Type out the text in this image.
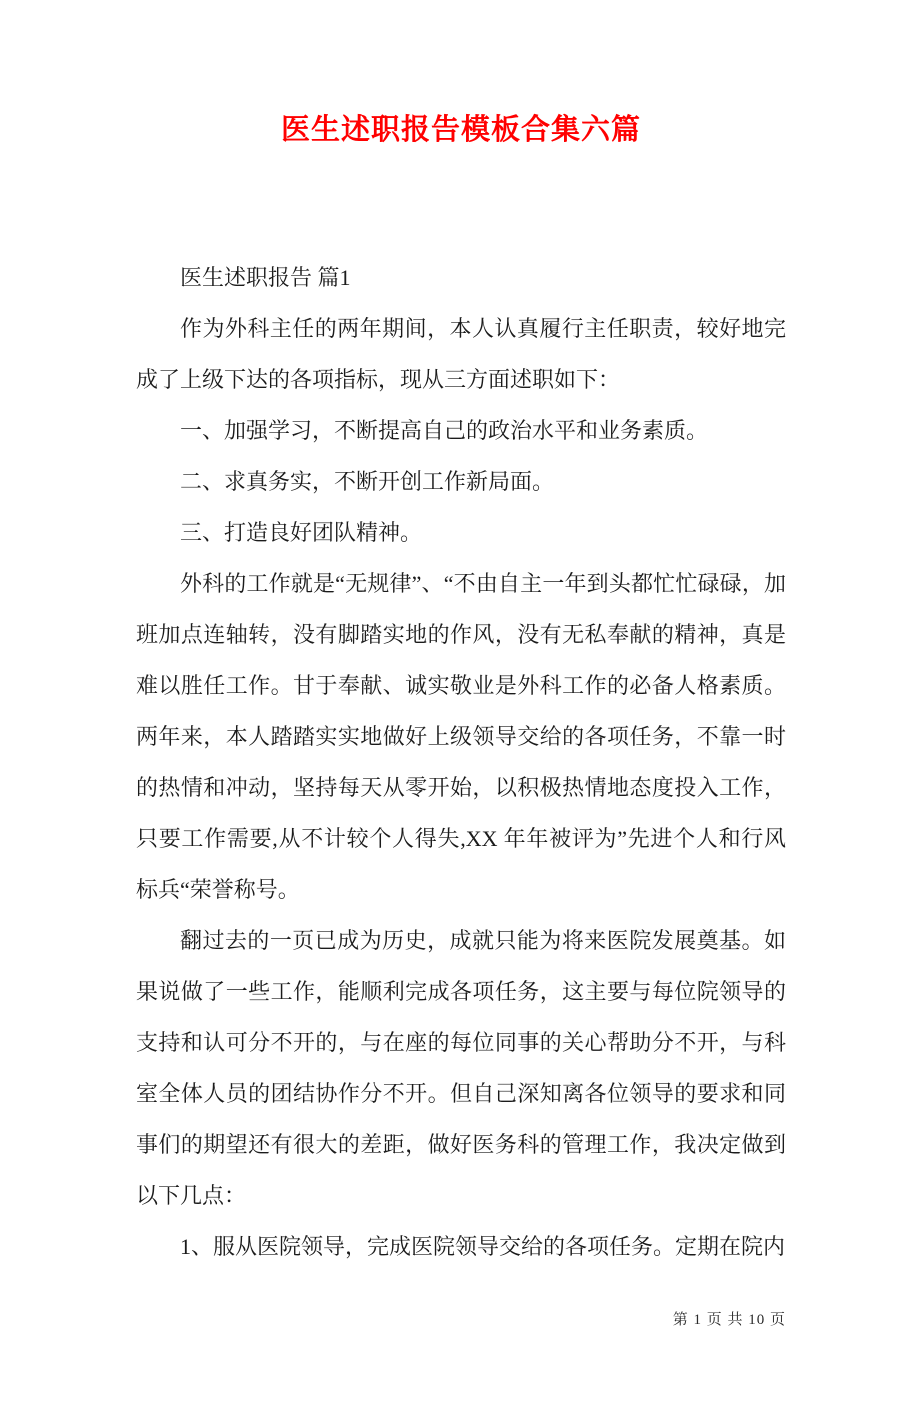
医生述职报告模板合集六篇

医生述职报告 篇1

作为外科主任的两年期间，本人认真履行主任职责，较好地完成了上级下达的各项指标，现从三方面述职如下：

一、加强学习，不断提高自己的政治水平和业务素质。

二、求真务实，不断开创工作新局面。

三、打造良好团队精神。

外科的工作就是“无规律”、“不由自主一年到头都忙忙碌碌，加班加点连轴转，没有脚踏实地的作风，没有无私奉献的精神，真是难以胜任工作。甘于奉献、诚实敬业是外科工作的必备人格素质。两年来，本人踏踏实实地做好上级领导交给的各项任务，不靠一时的热情和冲动，坚持每天从零开始，以积极热情地态度投入工作，只要工作需要,从不计较个人得失,XX 年年被评为”先进个人和行风标兵“荣誉称号。

翻过去的一页已成为历史，成就只能为将来医院发展奠基。如果说做了一些工作，能顺利完成各项任务，这主要与每位院领导的支持和认可分不开的，与在座的每位同事的关心帮助分不开，与科室全体人员的团结协作分不开。但自己深知离各位领导的要求和同事们的期望还有很大的差距，做好医务科的管理工作，我决定做到以下几点：

1、服从医院领导，完成医院领导交给的各项任务。定期在院内

第 1 页 共 10 页
